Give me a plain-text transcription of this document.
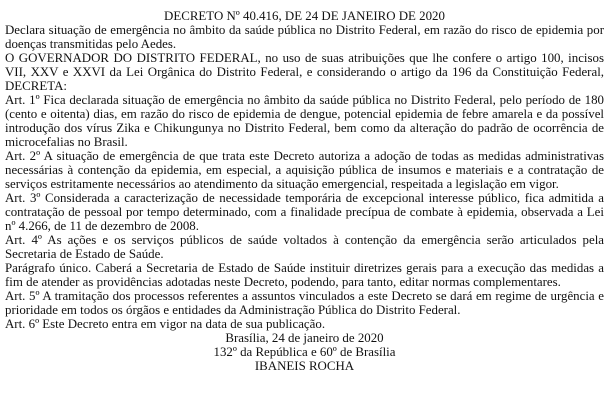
DECRETO Nº 40.416, DE 24 DE JANEIRO DE 2020

Declara situação de emergência no âmbito da saúde pública no Distrito Federal, em razão do risco de epidemia por doenças transmitidas pelo Aedes.

O GOVERNADOR DO DISTRITO FEDERAL, no uso de suas atribuições que lhe confere o artigo 100, incisos VII, XXV e XXVI da Lei Orgânica do Distrito Federal, e considerando o artigo da 196 da Constituição Federal, DECRETA:

Art. 1º Fica declarada situação de emergência no âmbito da saúde pública no Distrito Federal, pelo período de 180 (cento e oitenta) dias, em razão do risco de epidemia de dengue, potencial epidemia de febre amarela e da possível introdução dos vírus Zika e Chikungunya no Distrito Federal, bem como da alteração do padrão de ocorrência de microcefalias no Brasil.

Art. 2º A situação de emergência de que trata este Decreto autoriza a adoção de todas as medidas administrativas necessárias à contenção da epidemia, em especial, a aquisição pública de insumos e materiais e a contratação de serviços estritamente necessários ao atendimento da situação emergencial, respeitada a legislação em vigor.

Art. 3º Considerada a caracterização de necessidade temporária de excepcional interesse público, fica admitida a contratação de pessoal por tempo determinado, com a finalidade precípua de combate à epidemia, observada a Lei nº 4.266, de 11 de dezembro de 2008.

Art. 4º As ações e os serviços públicos de saúde voltados à contenção da emergência serão articulados pela Secretaria de Estado de Saúde.

Parágrafo único. Caberá a Secretaria de Estado de Saúde instituir diretrizes gerais para a execução das medidas a fim de atender as providências adotadas neste Decreto, podendo, para tanto, editar normas complementares.

Art. 5º A tramitação dos processos referentes a assuntos vinculados a este Decreto se dará em regime de urgência e prioridade em todos os órgãos e entidades da Administração Pública do Distrito Federal.

Art. 6º Este Decreto entra em vigor na data de sua publicação.

Brasília, 24 de janeiro de 2020

132º da República e 60º de Brasília

IBANEIS ROCHA
